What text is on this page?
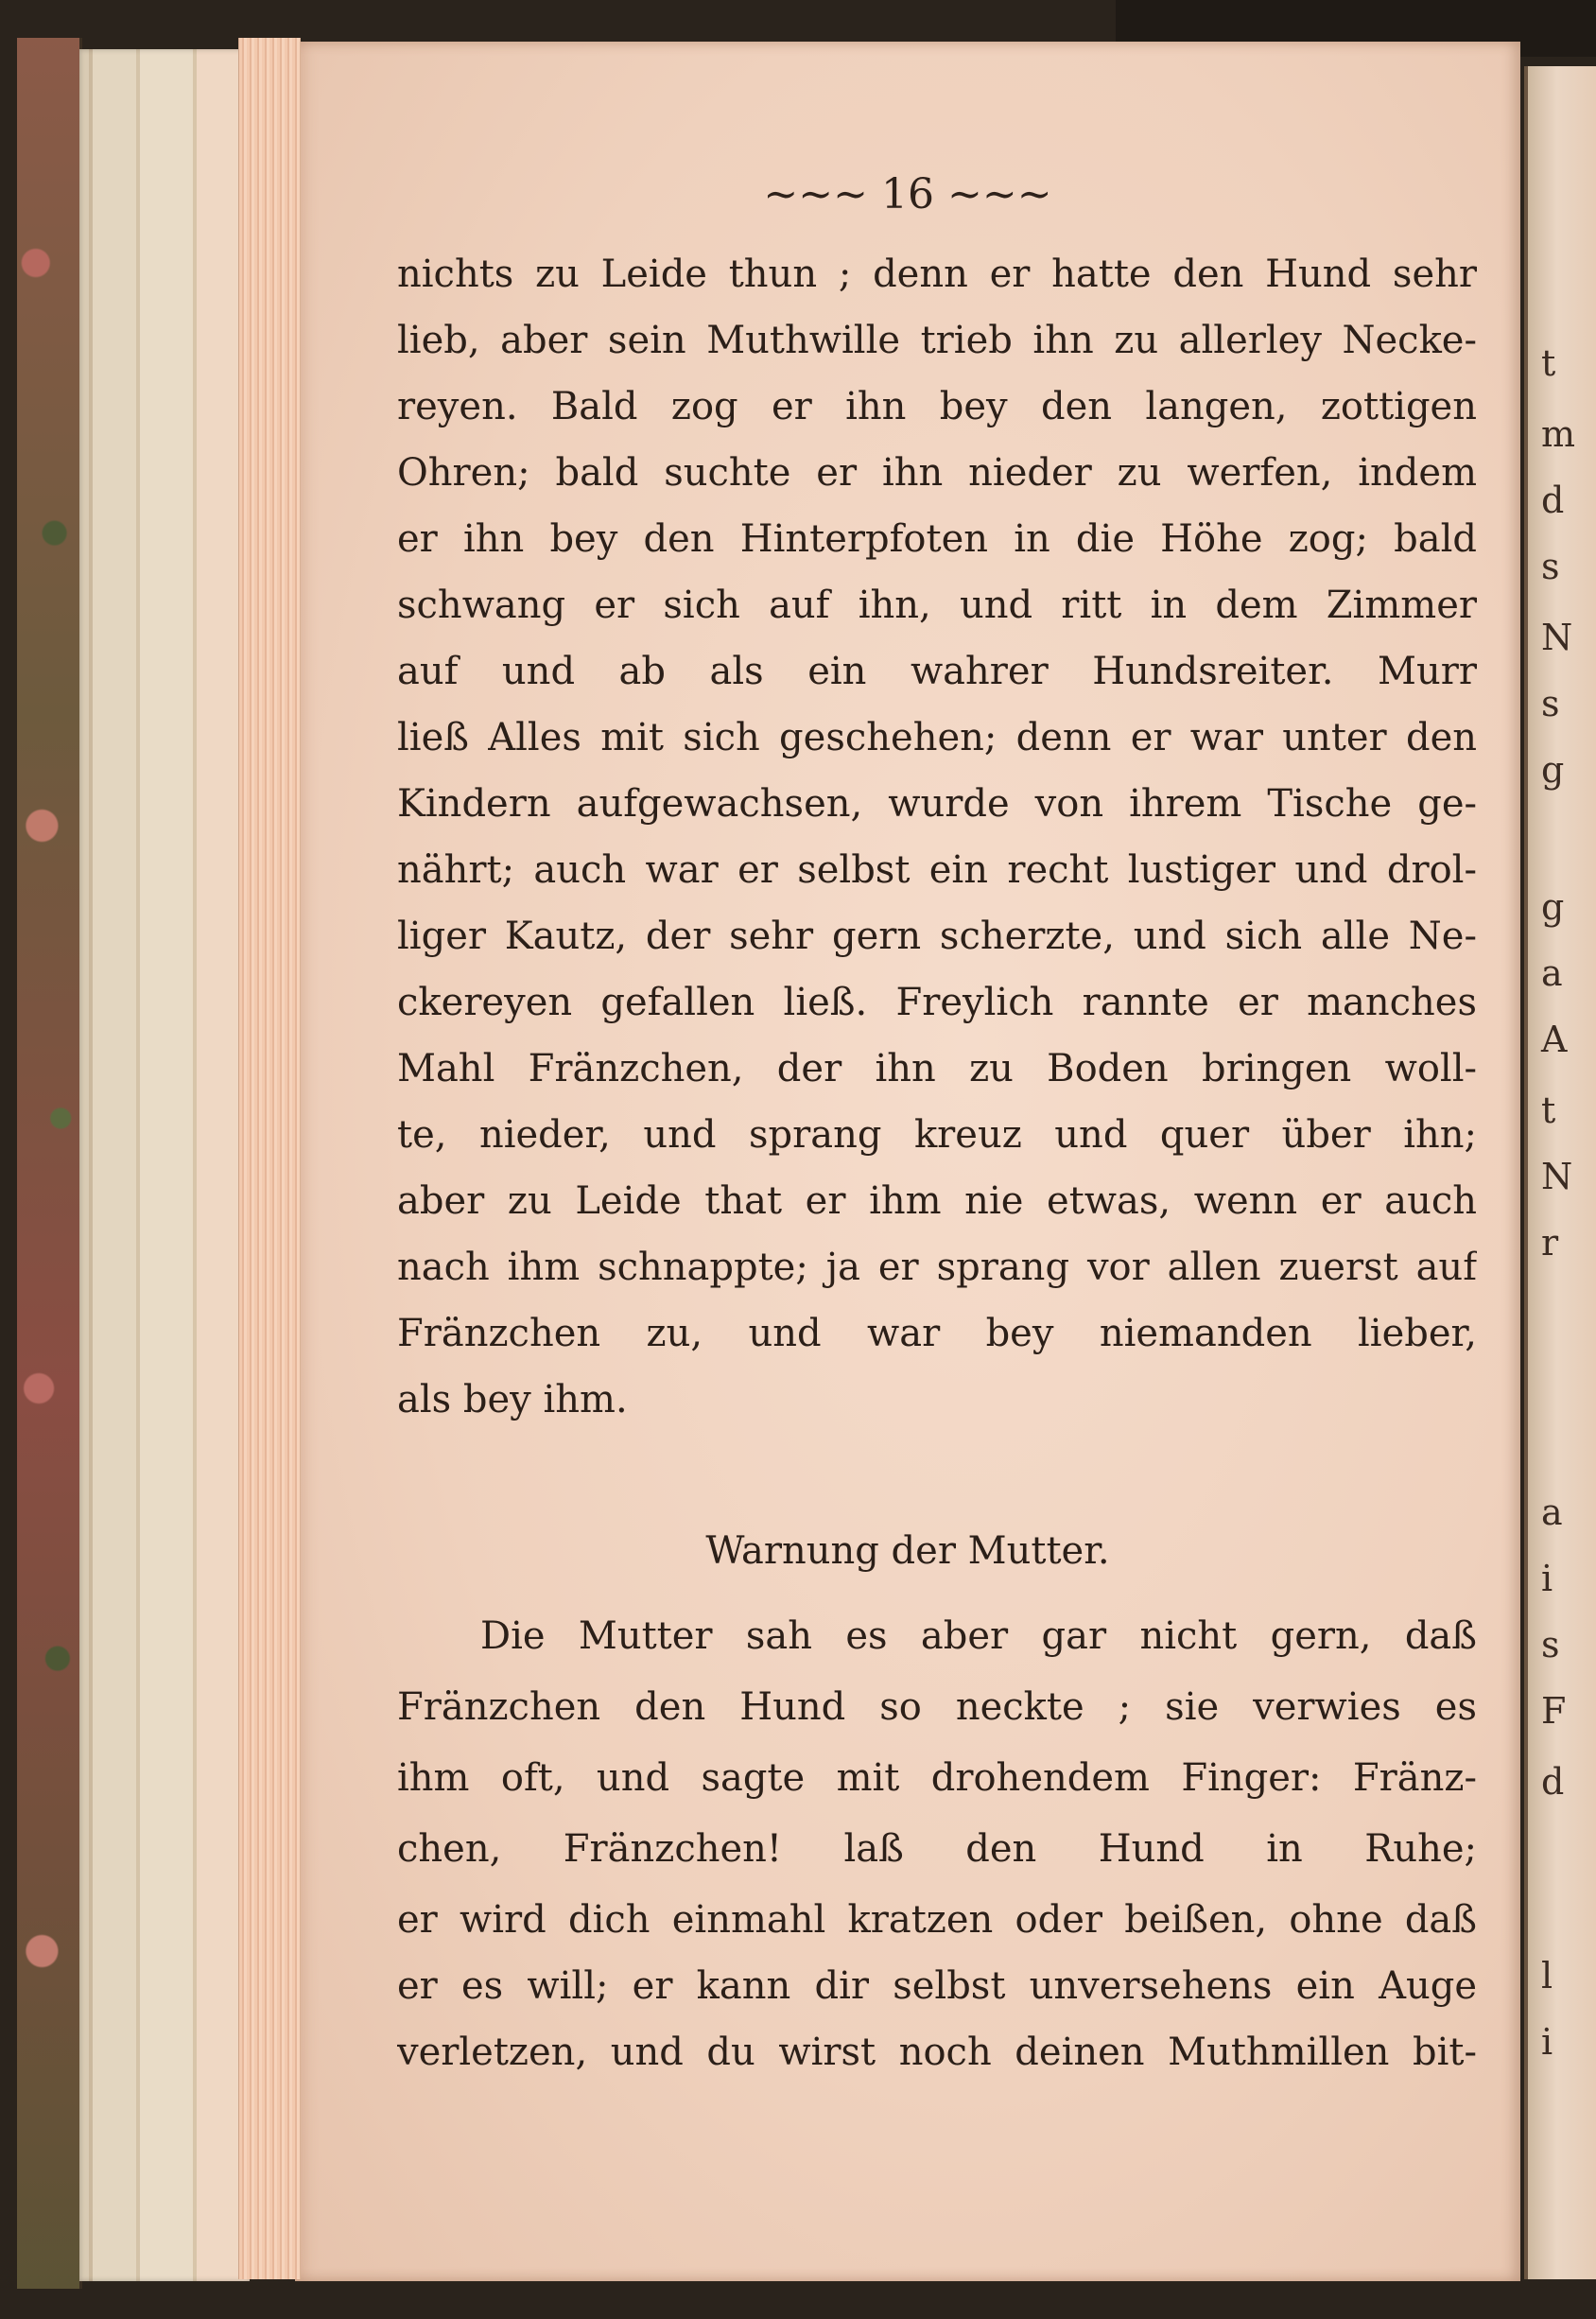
~~~ 16 ~~~
nichts zu Leide thun ; denn er hatte den Hund sehr
lieb, aber sein Muthwille trieb ihn zu allerley Necke-
reyen. Bald zog er ihn bey den langen, zottigen
Ohren; bald suchte er ihn nieder zu werfen, indem
er ihn bey den Hinterpfoten in die Höhe zog; bald
schwang er sich auf ihn, und ritt in dem Zimmer
auf und ab als ein wahrer Hundsreiter. Murr
ließ Alles mit sich geschehen; denn er war unter den
Kindern aufgewachsen, wurde von ihrem Tische ge-
nährt; auch war er selbst ein recht lustiger und drol-
liger Kautz, der sehr gern scherzte, und sich alle Ne-
ckereyen gefallen ließ. Freylich rannte er manches
Mahl Fränzchen, der ihn zu Boden bringen woll-
te, nieder, und sprang kreuz und quer über ihn;
aber zu Leide that er ihm nie etwas, wenn er auch
nach ihm schnappte; ja er sprang vor allen zuerst auf
Fränzchen zu, und war bey niemanden lieber,
als bey ihm.
Warnung der Mutter.
Die Mutter sah es aber gar nicht gern, daß
Fränzchen den Hund so neckte ; sie verwies es
ihm oft, und sagte mit drohendem Finger: Fränz-
chen, Fränzchen! laß den Hund in Ruhe;
er wird dich einmahl kratzen oder beißen, ohne daß
er es will; er kann dir selbst unversehens ein Auge
verletzen, und du wirst noch deinen Muthmillen bit-
t
m
d
s
N
s
g
g
a
A
t
N
r
a
i
s
F
d
l
i
